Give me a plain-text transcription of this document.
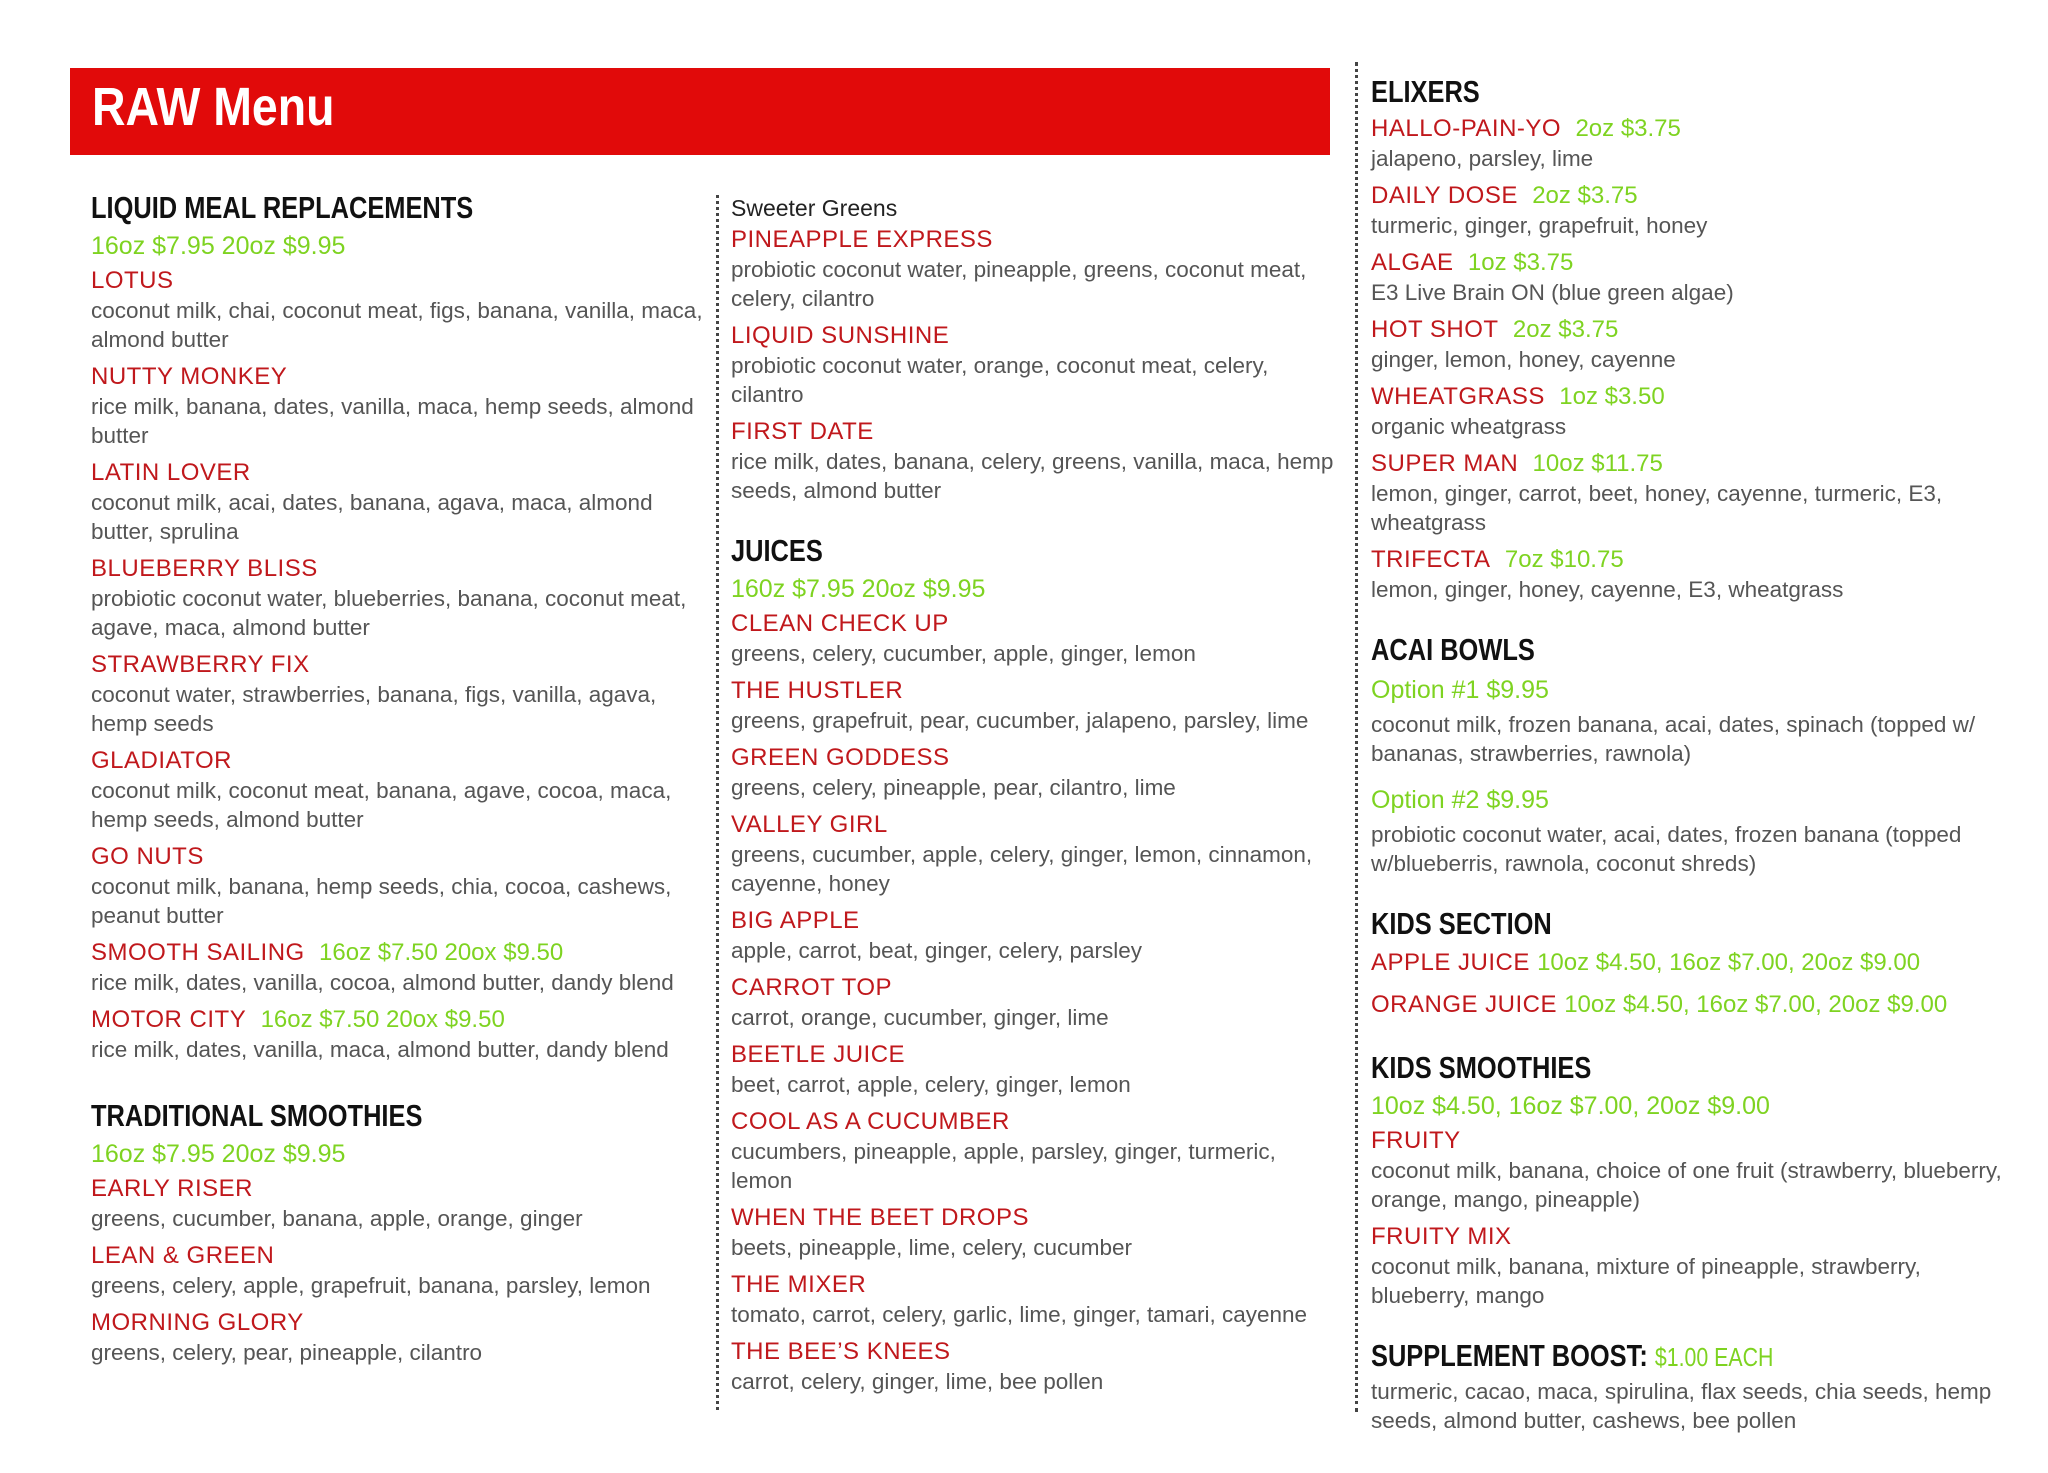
RAW Menu
LIQUID MEAL REPLACEMENTS
16oz $7.95 20oz $9.95
LOTUS
coconut milk, chai, coconut meat, figs, banana, vanilla, maca, almond butter
NUTTY MONKEY
rice milk, banana, dates, vanilla, maca, hemp seeds, almond butter
LATIN LOVER
coconut milk, acai, dates, banana, agava, maca, almond butter, sprulina
BLUEBERRY BLISS
probiotic coconut water, blueberries, banana, coconut meat, agave, maca, almond butter
STRAWBERRY FIX
coconut water, strawberries, banana, figs, vanilla, agava, hemp seeds
GLADIATOR
coconut milk, coconut meat, banana, agave, cocoa, maca, hemp seeds, almond butter
GO NUTS
coconut milk, banana, hemp seeds, chia, cocoa, cashews, peanut butter
SMOOTH SAILING 16oz $7.50 20ox $9.50
rice milk, dates, vanilla, cocoa, almond butter, dandy blend
MOTOR CITY 16oz $7.50 20ox $9.50
rice milk, dates, vanilla, maca, almond butter, dandy blend
TRADITIONAL SMOOTHIES
16oz $7.95 20oz $9.95
EARLY RISER
greens, cucumber, banana, apple, orange, ginger
LEAN & GREEN
greens, celery, apple, grapefruit, banana, parsley, lemon
MORNING GLORY
greens, celery, pear, pineapple, cilantro
Sweeter Greens
PINEAPPLE EXPRESS
probiotic coconut water, pineapple, greens, coconut meat, celery, cilantro
LIQUID SUNSHINE
probiotic coconut water, orange, coconut meat, celery, cilantro
FIRST DATE
rice milk, dates, banana, celery, greens, vanilla, maca, hemp seeds, almond butter
JUICES
160z $7.95 20oz $9.95
CLEAN CHECK UP
greens, celery, cucumber, apple, ginger, lemon
THE HUSTLER
greens, grapefruit, pear, cucumber, jalapeno, parsley, lime
GREEN GODDESS
greens, celery, pineapple, pear, cilantro, lime
VALLEY GIRL
greens, cucumber, apple, celery, ginger, lemon, cinnamon, cayenne, honey
BIG APPLE
apple, carrot, beat, ginger, celery, parsley
CARROT TOP
carrot, orange, cucumber, ginger, lime
BEETLE JUICE
beet, carrot, apple, celery, ginger, lemon
COOL AS A CUCUMBER
cucumbers, pineapple, apple, parsley, ginger, turmeric, lemon
WHEN THE BEET DROPS
beets, pineapple, lime, celery, cucumber
THE MIXER
tomato, carrot, celery, garlic, lime, ginger, tamari, cayenne
THE BEE’S KNEES
carrot, celery, ginger, lime, bee pollen
ELIXERS
HALLO-PAIN-YO 2oz $3.75
jalapeno, parsley, lime
DAILY DOSE 2oz $3.75
turmeric, ginger, grapefruit, honey
ALGAE 1oz $3.75
E3 Live Brain ON (blue green algae)
HOT SHOT 2oz $3.75
ginger, lemon, honey, cayenne
WHEATGRASS 1oz $3.50
organic wheatgrass
SUPER MAN 10oz $11.75
lemon, ginger, carrot, beet, honey, cayenne, turmeric, E3, wheatgrass
TRIFECTA 7oz $10.75
lemon, ginger, honey, cayenne, E3, wheatgrass
ACAI BOWLS
Option #1 $9.95
coconut milk, frozen banana, acai, dates, spinach (topped w/ bananas, strawberries, rawnola)
Option #2 $9.95
probiotic coconut water, acai, dates, frozen banana (topped w/blueberris, rawnola, coconut shreds)
KIDS SECTION
APPLE JUICE 10oz $4.50, 16oz $7.00, 20oz $9.00
ORANGE JUICE 10oz $4.50, 16oz $7.00, 20oz $9.00
KIDS SMOOTHIES
10oz $4.50, 16oz $7.00, 20oz $9.00
FRUITY
coconut milk, banana, choice of one fruit (strawberry, blueberry, orange, mango, pineapple)
FRUITY MIX
coconut milk, banana, mixture of pineapple, strawberry, blueberry, mango
SUPPLEMENT BOOST: $1.00 EACH
turmeric, cacao, maca, spirulina, flax seeds, chia seeds, hemp seeds, almond butter, cashews, bee pollen
